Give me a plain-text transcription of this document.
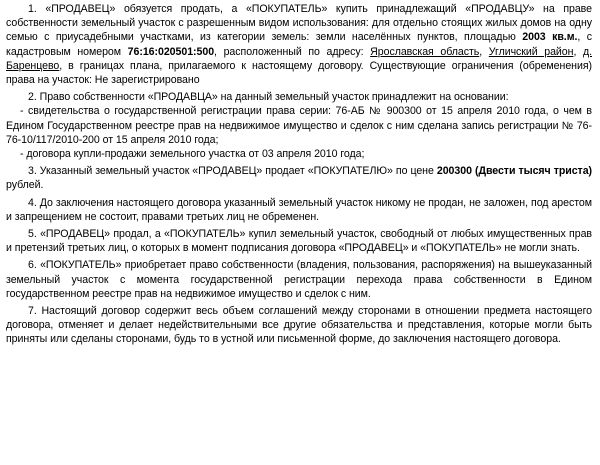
1. «ПРОДАВЕЦ» обязуется продать, а «ПОКУПАТЕЛЬ» купить принадлежащий «ПРОДАВЦУ» на праве собственности земельный участок с разрешенным видом использования: для отдельно стоящих жилых домов на одну семью с приусадебными участками, из категории земель: земли населённых пунктов, площадью 2003 кв.м., с кадастровым номером 76:16:020501:500, расположенный по адресу: Ярославская область, Угличский район, д. Баренцево, в границах плана, прилагаемого к настоящему договору. Существующие ограничения (обременения) права на участок: Не зарегистрировано

2. Право собственности «ПРОДАВЦА» на данный земельный участок принадлежит на основании:

- свидетельства о государственной регистрации права серии: 76-АБ № 900300 от 15 апреля 2010 года, о чем в Едином Государственном реестре прав на недвижимое имущество и сделок с ним сделана запись регистрации № 76-76-10/117/2010-200 от 15 апреля 2010 года;

- договора купли-продажи земельного участка от 03 апреля 2010 года;

3. Указанный земельный участок «ПРОДАВЕЦ» продает «ПОКУПАТЕЛЮ» по цене 200300 (Двести тысяч триста) рублей.

4. До заключения настоящего договора указанный земельный участок никому не продан, не заложен, под арестом и запрещением не состоит, правами третьих лиц не обременен.

5. «ПРОДАВЕЦ» продал, а «ПОКУПАТЕЛЬ» купил земельный участок, свободный от любых имущественных прав и претензий третьих лиц, о которых в момент подписания договора «ПРОДАВЕЦ» и «ПОКУПАТЕЛЬ» не могли знать.

6. «ПОКУПАТЕЛЬ» приобретает право собственности (владения, пользования, распоряжения) на вышеуказанный земельный участок с момента государственной регистрации перехода права собственности в Едином государственном реестре прав на недвижимое имущество и сделок с ним.

7. Настоящий договор содержит весь объем соглашений между сторонами в отношении предмета настоящего договора, отменяет и делает недействительными все другие обязательства и представления, которые могли быть приняты или сделаны сторонами, будь то в устной или письменной форме, до заключения настоящего договора.
